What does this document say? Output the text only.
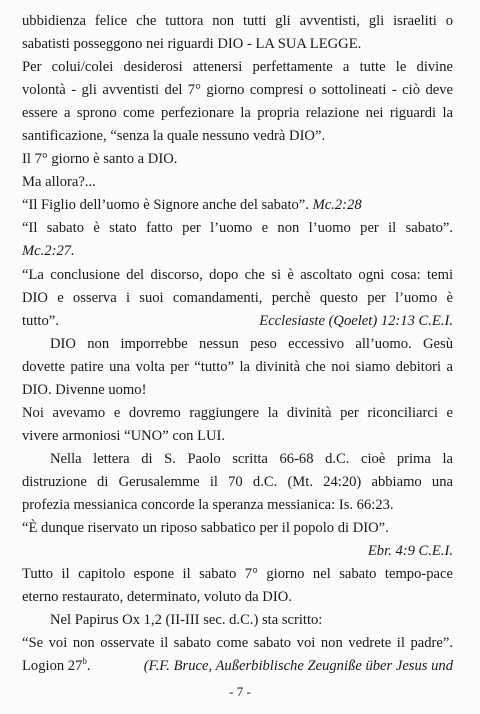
ubbidienza felice che tuttora non tutti gli avventisti, gli israeliti o
sabatisti posseggono nei riguardi DIO - LA SUA LEGGE.
Per colui/colei desiderosi attenersi perfettamente a tutte le divine
volontà - gli avventisti del 7° giorno compresi o sottolineati - ciò deve
essere a sprono come perfezionare la propria relazione nei riguardi la
santificazione, “senza la quale nessuno vedrà DIO”.
Il 7° giorno è santo a DIO.
Ma allora?...
“Il Figlio dell’uomo è Signore anche del sabato”. Mc.2:28
“Il sabato è stato fatto per l’uomo e non l’uomo per il sabato”.
Mc.2:27.
“La conclusione del discorso, dopo che si è ascoltato ogni cosa: temi
DIO e osserva i suoi comandamenti, perchè questo per l’uomo è
tutto”.	Ecclesiaste (Qoelet) 12:13 C.E.I.
DIO non imporrebbe nessun peso eccessivo all’uomo. Gesù
dovette patire una volta per “tutto” la divinità che noi siamo debitori a
DIO. Divenne uomo!
Noi avevamo e dovremo raggiungere la divinità per riconciliarci e
vivere armoniosi “UNO” con LUI.
Nella lettera di S. Paolo scritta 66-68 d.C. cioè prima la
distruzione di Gerusalemme il 70 d.C. (Mt. 24:20) abbiamo una
profezia messianica concorde la speranza messianica: Is. 66:23.
“È dunque riservato un riposo sabbatico per il popolo di DIO”.
Ebr. 4:9 C.E.I.
Tutto il capitolo espone il sabato 7° giorno nel sabato tempo-pace
eterno restaurato, determinato, voluto da DIO.
Nel Papirus Ox 1,2 (II-III sec. d.C.) sta scritto:
“Se voi non osservate il sabato come sabato voi non vedrete il padre”.
Logion 27$^b$.	(F.F. Bruce, Außerbiblische Zeugniße über Jesus und
- 7 -
